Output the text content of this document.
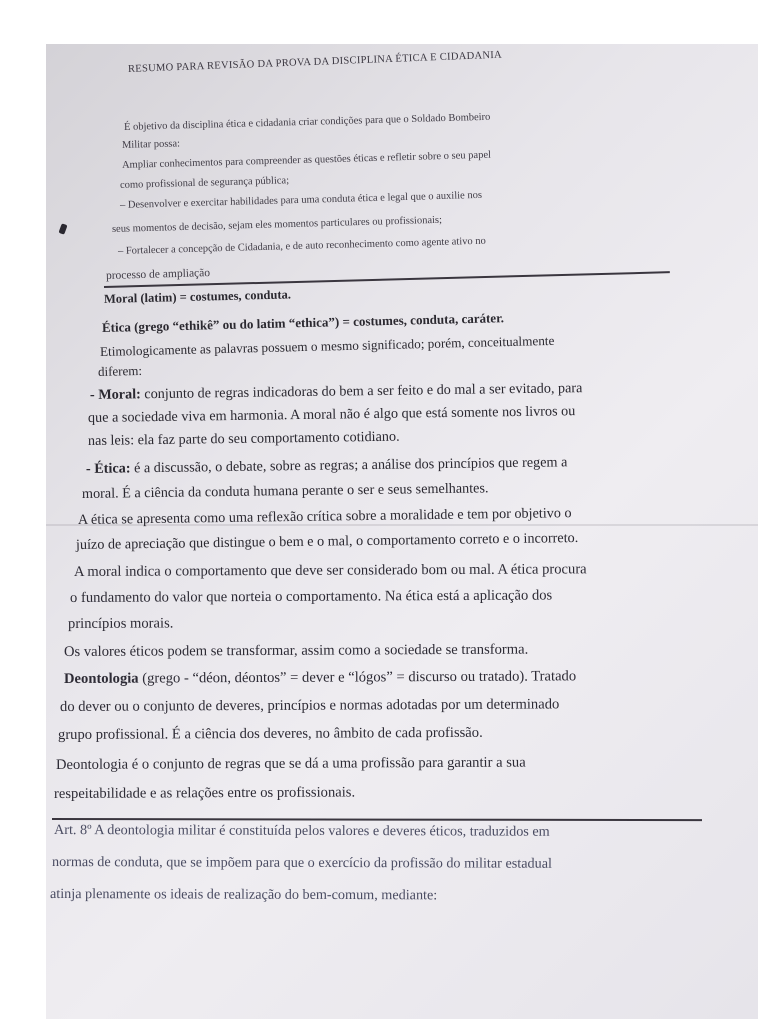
RESUMO PARA REVISÃO DA PROVA DA DISCIPLINA ÉTICA E CIDADANIA
É objetivo da disciplina ética e cidadania criar condições para que o Soldado Bombeiro
Militar possa:
Ampliar conhecimentos para compreender as questões éticas e refletir sobre o seu papel
como profissional de segurança pública;
– Desenvolver e exercitar habilidades para uma conduta ética e legal que o auxilie nos
seus momentos de decisão, sejam eles momentos particulares ou profissionais;
– Fortalecer a concepção de Cidadania, e de auto reconhecimento como agente ativo no
processo de ampliação
Moral (latim) = costumes, conduta.
Ética (grego “ethikê” ou do latim “ethica”) = costumes, conduta, caráter.
Etimologicamente as palavras possuem o mesmo significado; porém, conceitualmente
diferem:
- Moral: conjunto de regras indicadoras do bem a ser feito e do mal a ser evitado, para
que a sociedade viva em harmonia. A moral não é algo que está somente nos livros ou
nas leis: ela faz parte do seu comportamento cotidiano.
- Ética: é a discussão, o debate, sobre as regras; a análise dos princípios que regem a
moral. É a ciência da conduta humana perante o ser e seus semelhantes.
A ética se apresenta como uma reflexão crítica sobre a moralidade e tem por objetivo o
juízo de apreciação que distingue o bem e o mal, o comportamento correto e o incorreto.
A moral indica o comportamento que deve ser considerado bom ou mal. A ética procura
o fundamento do valor que norteia o comportamento. Na ética está a aplicação dos
princípios morais.
Os valores éticos podem se transformar, assim como a sociedade se transforma.
Deontologia (grego - “déon, déontos” = dever e “lógos” = discurso ou tratado). Tratado
do dever ou o conjunto de deveres, princípios e normas adotadas por um determinado
grupo profissional. É a ciência dos deveres, no âmbito de cada profissão.
Deontologia é o conjunto de regras que se dá a uma profissão para garantir a sua
respeitabilidade e as relações entre os profissionais.
Art. 8º A deontologia militar é constituída pelos valores e deveres éticos, traduzidos em
normas de conduta, que se impõem para que o exercício da profissão do militar estadual
atinja plenamente os ideais de realização do bem-comum, mediante:
